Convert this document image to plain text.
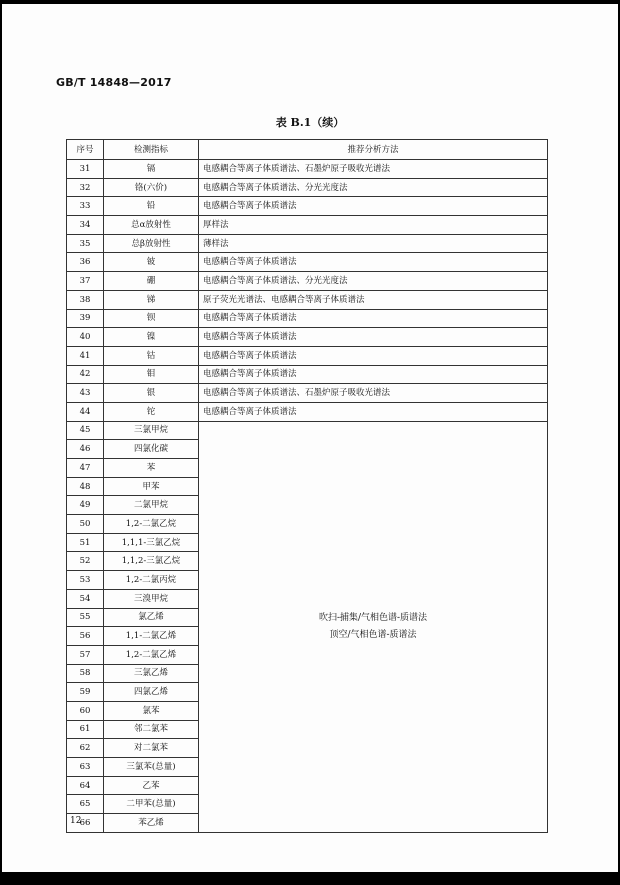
GB/T 14848—2017
表 B.1（续）
序号	检测指标	推荐分析方法
31	镉	电感耦合等离子体质谱法、石墨炉原子吸收光谱法
32	铬(六价)	电感耦合等离子体质谱法、分光光度法
33	铅	电感耦合等离子体质谱法
34	总α放射性	厚样法
35	总β放射性	薄样法
36	铍	电感耦合等离子体质谱法
37	硼	电感耦合等离子体质谱法、分光光度法
38	锑	原子荧光光谱法、电感耦合等离子体质谱法
39	钡	电感耦合等离子体质谱法
40	镍	电感耦合等离子体质谱法
41	钴	电感耦合等离子体质谱法
42	钼	电感耦合等离子体质谱法
43	银	电感耦合等离子体质谱法、石墨炉原子吸收光谱法
44	铊	电感耦合等离子体质谱法
45	三氯甲烷	吹扫-捕集/气相色谱-质谱法
顶空/气相色谱-质谱法

46	四氯化碳	
47	苯	
48	甲苯	
49	二氯甲烷	
50	1,2-二氯乙烷	
51	1,1,1-三氯乙烷	
52	1,1,2-三氯乙烷	
53	1,2-二氯丙烷	
54	三溴甲烷	
55	氯乙烯	
56	1,1-二氯乙烯	
57	1,2-二氯乙烯	
58	三氯乙烯	
59	四氯乙烯	
60	氯苯	
61	邻二氯苯	
62	对二氯苯	
63	三氯苯(总量)	
64	乙苯	
65	二甲苯(总量)	
66	苯乙烯	
12
